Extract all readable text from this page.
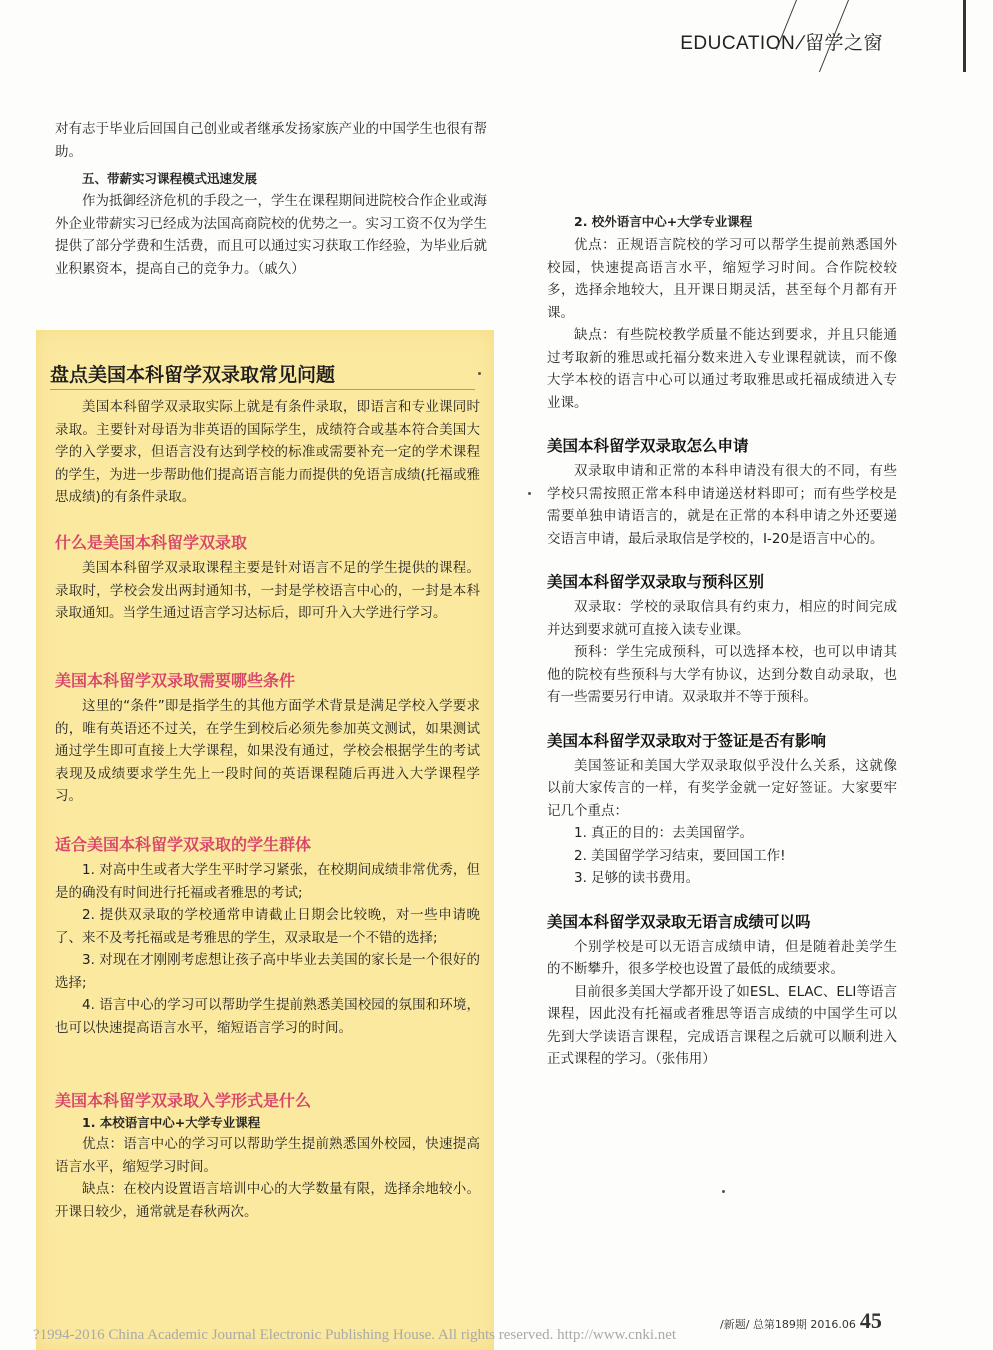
EDUCATION/留学之窗

对有志于毕业后回国自己创业或者继承发扬家族产业的中国学生也很有帮助。

五、带薪实习课程模式迅速发展

作为抵御经济危机的手段之一，学生在课程期间进院校合作企业或海外企业带薪实习已经成为法国高商院校的优势之一。实习工资不仅为学生提供了部分学费和生活费，而且可以通过实习获取工作经验，为毕业后就业积累资本，提高自己的竞争力。（戚久）

盘点美国本科留学双录取常见问题

美国本科留学双录取实际上就是有条件录取，即语言和专业课同时录取。主要针对母语为非英语的国际学生，成绩符合或基本符合美国大学的入学要求，但语言没有达到学校的标准或需要补充一定的学术课程的学生，为进一步帮助他们提高语言能力而提供的免语言成绩(托福或雅思成绩)的有条件录取。

什么是美国本科留学双录取

美国本科留学双录取课程主要是针对语言不足的学生提供的课程。录取时，学校会发出两封通知书，一封是学校语言中心的，一封是本科录取通知。当学生通过语言学习达标后，即可升入大学进行学习。

美国本科留学双录取需要哪些条件

这里的“条件”即是指学生的其他方面学术背景是满足学校入学要求的，唯有英语还不过关，在学生到校后必须先参加英文测试，如果测试通过学生即可直接上大学课程，如果没有通过，学校会根据学生的考试表现及成绩要求学生先上一段时间的英语课程随后再进入大学课程学习。

适合美国本科留学双录取的学生群体

1. 对高中生或者大学生平时学习紧张，在校期间成绩非常优秀，但是的确没有时间进行托福或者雅思的考试;

2. 提供双录取的学校通常申请截止日期会比较晚，对一些申请晚了、来不及考托福或是考雅思的学生，双录取是一个不错的选择;

3. 对现在才刚刚考虑想让孩子高中毕业去美国的家长是一个很好的选择;

4. 语言中心的学习可以帮助学生提前熟悉美国校园的氛围和环境，也可以快速提高语言水平，缩短语言学习的时间。

美国本科留学双录取入学形式是什么

1. 本校语言中心+大学专业课程

优点：语言中心的学习可以帮助学生提前熟悉国外校园，快速提高语言水平，缩短学习时间。

缺点：在校内设置语言培训中心的大学数量有限，选择余地较小。开课日较少，通常就是春秋两次。

2. 校外语言中心+大学专业课程

优点：正规语言院校的学习可以帮学生提前熟悉国外校园，快速提高语言水平，缩短学习时间。合作院校较多，选择余地较大，且开课日期灵活，甚至每个月都有开课。

缺点：有些院校教学质量不能达到要求，并且只能通过考取新的雅思或托福分数来进入专业课程就读，而不像大学本校的语言中心可以通过考取雅思或托福成绩进入专业课。

美国本科留学双录取怎么申请

双录取申请和正常的本科申请没有很大的不同，有些学校只需按照正常本科申请递送材料即可；而有些学校是需要单独申请语言的，就是在正常的本科申请之外还要递交语言申请，最后录取信是学校的，I-20是语言中心的。

美国本科留学双录取与预科区别

双录取：学校的录取信具有约束力，相应的时间完成并达到要求就可直接入读专业课。

预科：学生完成预科，可以选择本校，也可以申请其他的院校有些预科与大学有协议，达到分数自动录取，也有一些需要另行申请。双录取并不等于预科。

美国本科留学双录取对于签证是否有影响

美国签证和美国大学双录取似乎没什么关系，这就像以前大家传言的一样，有奖学金就一定好签证。大家要牢记几个重点：

1. 真正的目的：去美国留学。

2. 美国留学学习结束，要回国工作!

3. 足够的读书费用。

美国本科留学双录取无语言成绩可以吗

个别学校是可以无语言成绩申请，但是随着赴美学生的不断攀升，很多学校也设置了最低的成绩要求。

目前很多美国大学都开设了如ESL、ELAC、ELI等语言课程，因此没有托福或者雅思等语言成绩的中国学生可以先到大学读语言课程，完成语言课程之后就可以顺利进入正式课程的学习。（张伟用）

/新题/ 总第189期 2016.06 45
?1994-2016 China Academic Journal Electronic Publishing House. All rights reserved. http://www.cnki.net
